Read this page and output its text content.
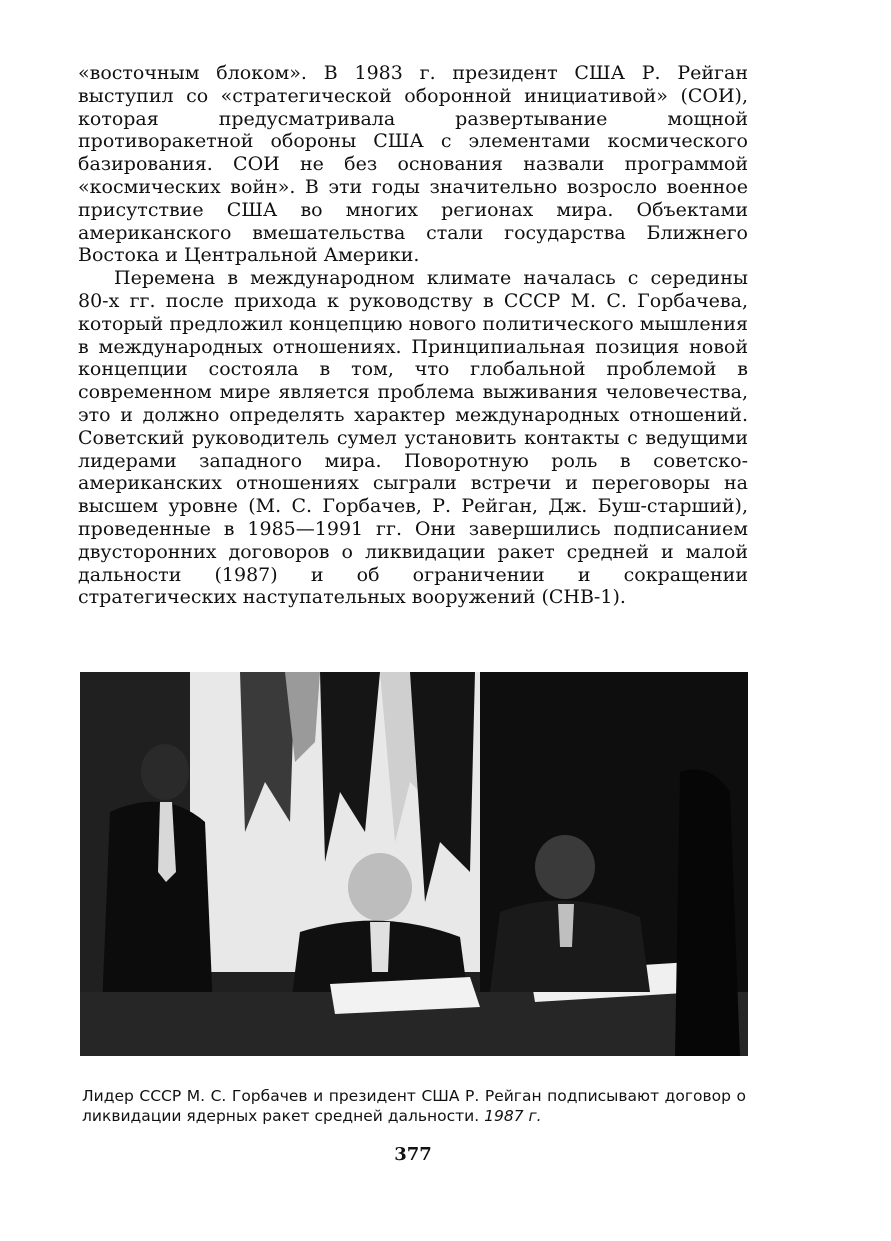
«восточным блоком». В 1983 г. президент США Р. Рейган выступил со «стратегической оборонной инициативой» (СОИ), которая предусматривала развертывание мощной противоракетной обороны США с элементами космического базирования. СОИ не без основания назвали программой «космических войн». В эти годы значительно возросло военное присутствие США во многих регионах мира. Объектами американского вмешательства стали государства Ближнего Востока и Центральной Америки.

Перемена в международном климате началась с середины 80-х гг. после прихода к руководству в СССР М. С. Горбачева, который предложил концепцию нового политического мышления в международных отношениях. Принципиальная позиция новой концепции состояла в том, что глобальной проблемой в современном мире является проблема выживания человечества, это и должно определять характер международных отношений. Советский руководитель сумел установить контакты с ведущими лидерами западного мира. Поворотную роль в советско-американских отношениях сыграли встречи и переговоры на высшем уровне (М. С. Горбачев, Р. Рейган, Дж. Буш-старший), проведенные в 1985—1991 гг. Они завершились подписанием двусторонних договоров о ликвидации ракет средней и малой дальности (1987) и об ограничении и сокращении стратегических наступательных вооружений (СНВ-1).

Лидер СССР М. С. Горбачев и президент США Р. Рейган подписывают договор о ликвидации ядерных ракет средней дальности. 1987 г.
377
